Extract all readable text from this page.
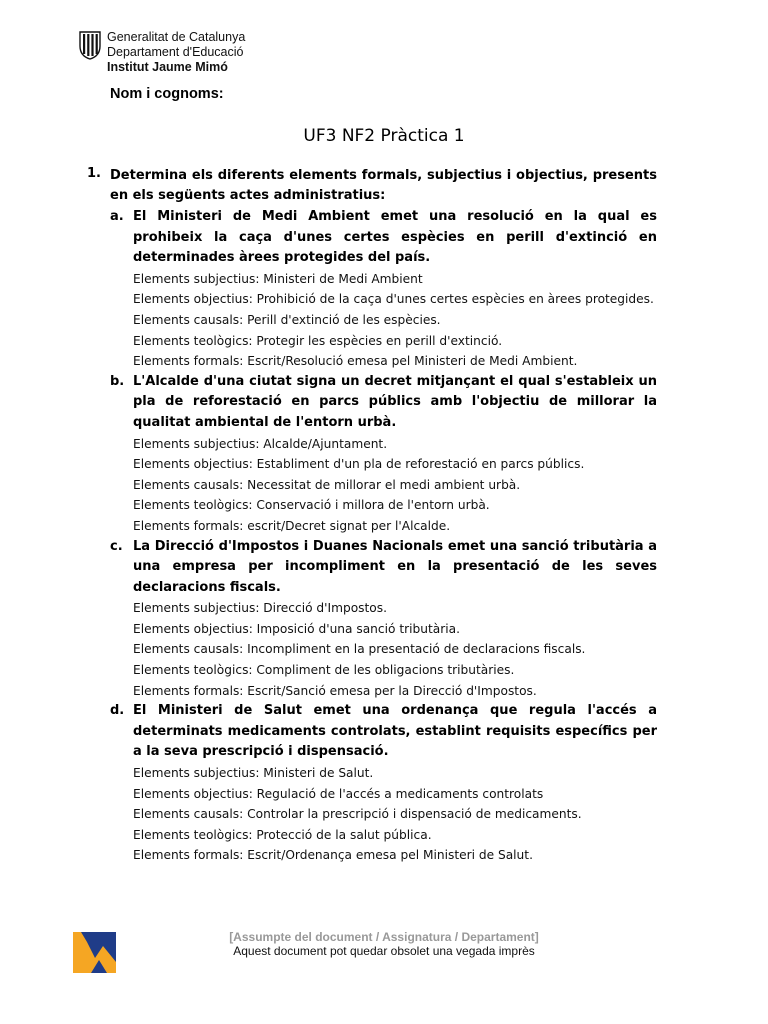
Generalitat de Catalunya
Departament d'Educació
Institut Jaume Mimó
Nom i cognoms:
UF3 NF2 Pràctica 1
1. Determina els diferents elements formals, subjectius i objectius, presents en els següents actes administratius:
a. El Ministeri de Medi Ambient emet una resolució en la qual es prohibeix la caça d'unes certes espècies en perill d'extinció en determinades àrees protegides del país.
Elements subjectius: Ministeri de Medi Ambient
Elements objectius: Prohibició de la caça d'unes certes espècies en àrees protegides.
Elements causals: Perill d'extinció de les espècies.
Elements teològics: Protegir les espècies en perill d'extinció.
Elements formals: Escrit/Resolució emesa pel Ministeri de Medi Ambient.
b. L'Alcalde d'una ciutat signa un decret mitjançant el qual s'estableix un pla de reforestació en parcs públics amb l'objectiu de millorar la qualitat ambiental de l'entorn urbà.
Elements subjectius: Alcalde/Ajuntament.
Elements objectius: Establiment d'un pla de reforestació en parcs públics.
Elements causals: Necessitat de millorar el medi ambient urbà.
Elements teològics: Conservació i millora de l'entorn urbà.
Elements formals: escrit/Decret signat per l'Alcalde.
c. La Direcció d'Impostos i Duanes Nacionals emet una sanció tributària a una empresa per incompliment en la presentació de les seves declaracions fiscals.
Elements subjectius: Direcció d'Impostos.
Elements objectius: Imposició d'una sanció tributària.
Elements causals: Incompliment en la presentació de declaracions fiscals.
Elements teològics: Compliment de les obligacions tributàries.
Elements formals: Escrit/Sanció emesa per la Direcció d'Impostos.
d. El Ministeri de Salut emet una ordenança que regula l'accés a determinats medicaments controlats, establint requisits específics per a la seva prescripció i dispensació.
Elements subjectius: Ministeri de Salut.
Elements objectius: Regulació de l'accés a medicaments controlats
Elements causals: Controlar la prescripció i dispensació de medicaments.
Elements teològics: Protecció de la salut pública.
Elements formals: Escrit/Ordenança emesa pel Ministeri de Salut.
[Assumpte del document / Assignatura / Departament]
Aquest document pot quedar obsolet una vegada imprès
